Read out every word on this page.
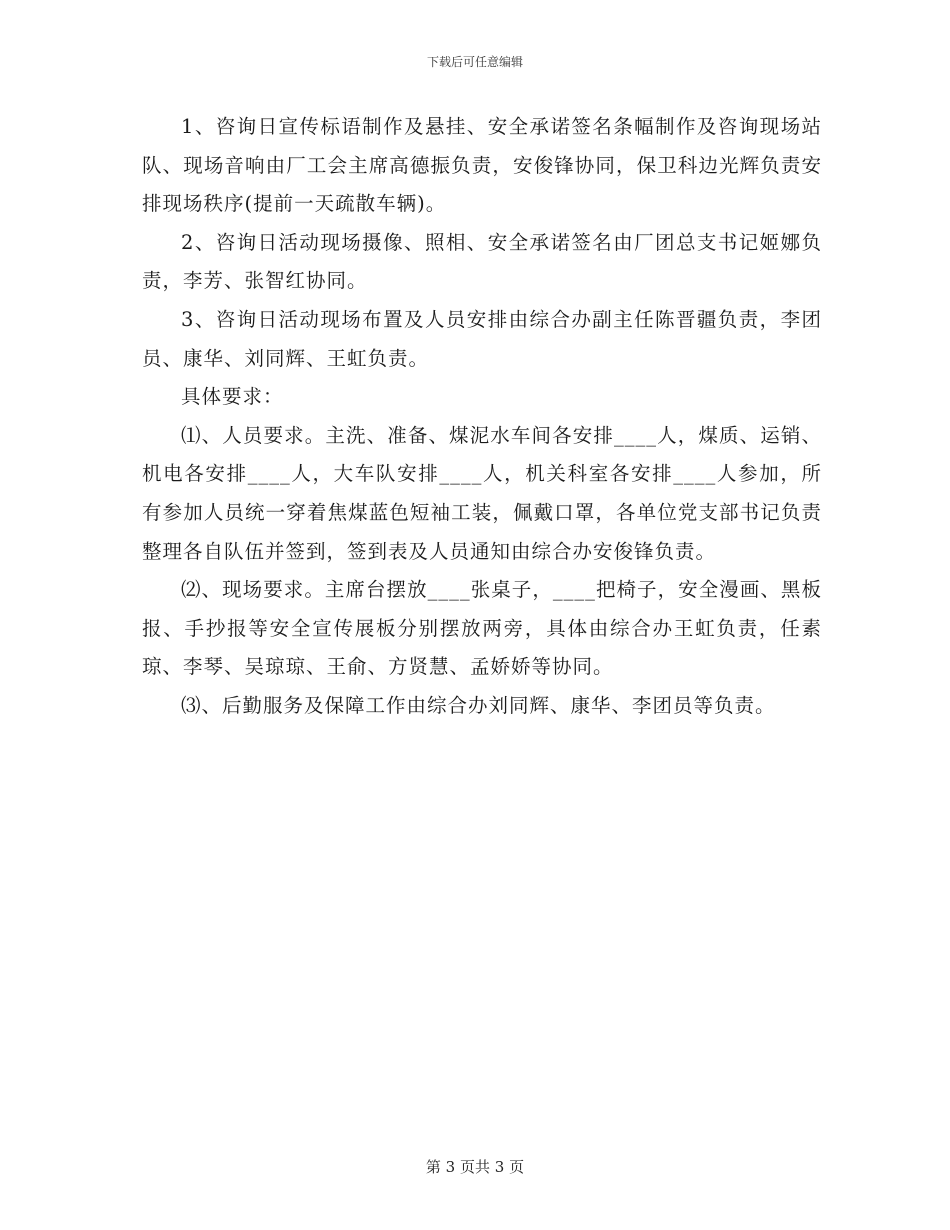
下载后可任意编辑

1、咨询日宣传标语制作及悬挂、安全承诺签名条幅制作及咨询现场站队、现场音响由厂工会主席高德振负责，安俊锋协同，保卫科边光辉负责安排现场秩序(提前一天疏散车辆)。

2、咨询日活动现场摄像、照相、安全承诺签名由厂团总支书记姬娜负责，李芳、张智红协同。

3、咨询日活动现场布置及人员安排由综合办副主任陈晋疆负责，李团员、康华、刘同辉、王虹负责。

具体要求：

⑴、人员要求。主洗、准备、煤泥水车间各安排____人，煤质、运销、机电各安排____人，大车队安排____人，机关科室各安排____人参加，所有参加人员统一穿着焦煤蓝色短袖工装，佩戴口罩，各单位党支部书记负责整理各自队伍并签到，签到表及人员通知由综合办安俊锋负责。

⑵、现场要求。主席台摆放____张桌子，____把椅子，安全漫画、黑板报、手抄报等安全宣传展板分别摆放两旁，具体由综合办王虹负责，任素琼、李琴、吴琼琼、王俞、方贤慧、孟娇娇等协同。

⑶、后勤服务及保障工作由综合办刘同辉、康华、李团员等负责。

第 3 页共 3 页
